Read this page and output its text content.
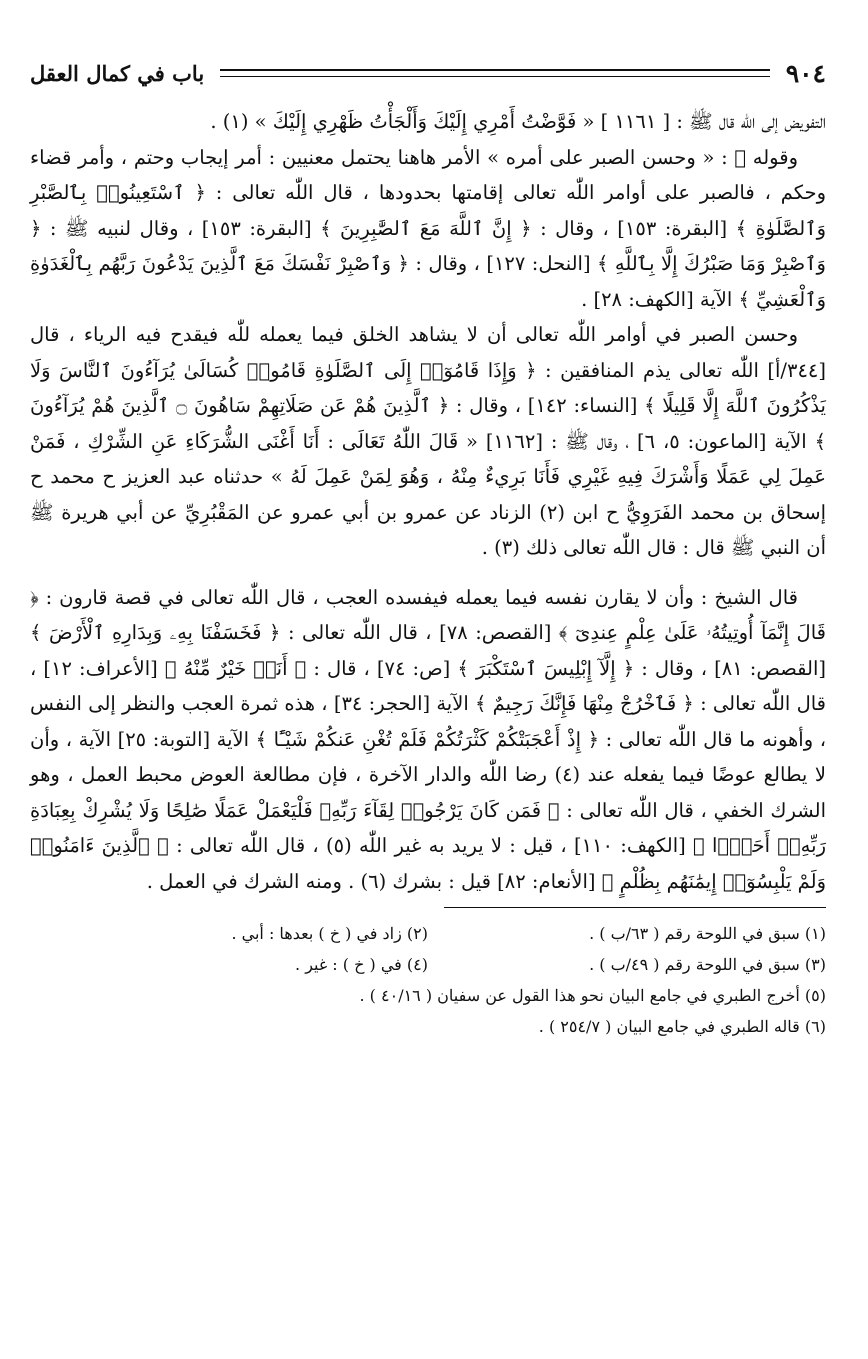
٩٠٤
باب في كمال العقل

التفويض إلى اللّٰه قال ﷺ : [ ١١٦١ ] « فَوَّضْتُ أَمْرِي إِلَيْكَ وَأَلْجَأْتُ ظَهْرِي إِلَيْكَ » (١) .

وقوله ﷺ : « وحسن الصبر على أمره » الأمر هاهنا يحتمل معنيين : أمر إيجاب وحتم ، وأمر قضاء وحكم ، فالصبر على أوامر اللّٰه تعالى إقامتها بحدودها ، قال اللّٰه تعالى : ﴿ ٱسْتَعِينُوا۟ بِٱلصَّبْرِ وَٱلصَّلَوٰةِ ﴾ [البقرة: ١٥٣] ، وقال : ﴿ إِنَّ ٱللَّهَ مَعَ ٱلصَّٰبِرِينَ ﴾ [البقرة: ١٥٣] ، وقال لنبيه ﷺ : ﴿ وَٱصْبِرْ وَمَا صَبْرُكَ إِلَّا بِٱللَّهِ ﴾ [النحل: ١٢٧] ، وقال : ﴿ وَٱصْبِرْ نَفْسَكَ مَعَ ٱلَّذِينَ يَدْعُونَ رَبَّهُم بِٱلْغَدَوٰةِ وَٱلْعَشِيِّ ﴾ الآية [الكهف: ٢٨] .

وحسن الصبر في أوامر اللّٰه تعالى أن لا يشاهد الخلق فيما يعمله للّٰه فيقدح فيه الرياء ، قال [٣٤٤/أ] اللّٰه تعالى يذم المنافقين : ﴿ وَإِذَا قَامُوٓا۟ إِلَى ٱلصَّلَوٰةِ قَامُوا۟ كُسَالَىٰ يُرَآءُونَ ٱلنَّاسَ وَلَا يَذْكُرُونَ ٱللَّهَ إِلَّا قَلِيلًا ﴾ [النساء: ١٤٢] ، وقال : ﴿ ٱلَّذِينَ هُمْ عَن صَلَاتِهِمْ سَاهُونَ ۝ ٱلَّذِينَ هُمْ يُرَآءُونَ ﴾ الآية [الماعون: ٥، ٦] ، وقال ﷺ : [١١٦٢] « قَالَ اللّٰهُ تَعَالَى : أَنَا أَغْنَى الشُّرَكَاءِ عَنِ الشِّرْكِ ، فَمَنْ عَمِلَ لِي عَمَلًا وَأَشْرَكَ فِيهِ غَيْرِي فَأَنَا بَرِيءٌ مِنْهُ ، وَهُوَ لِمَنْ عَمِلَ لَهُ » حدثناه عبد العزيز ح محمد ح إسحاق بن محمد الفَرَوِيُّ ح ابن (٢) الزناد عن عمرو بن أبي عمرو عن المَقْبُرِيِّ عن أبي هريرة ﷺ أن النبي ﷺ قال : قال اللّٰه تعالى ذلك (٣) .

قال الشيخ : وأن لا يقارن نفسه فيما يعمله فيفسده العجب ، قال اللّٰه تعالى في قصة قارون : ﴿ قَالَ إِنَّمَآ أُوتِيتُهُۥ عَلَىٰ عِلْمٍ عِندِىٓ ﴾ [القصص: ٧٨] ، قال اللّٰه تعالى : ﴿ فَخَسَفْنَا بِهِۦ وَبِدَارِهِ ٱلْأَرْضَ ﴾ [القصص: ٨١] ، وقال : ﴿ إِلَّآ إِبْلِيسَ ٱسْتَكْبَرَ ﴾ [ص: ٧٤] ، قال : ﴿ أَنَا۠ خَيْرٌ مِّنْهُ ﴾ [الأعراف: ١٢] ، قال اللّٰه تعالى : ﴿ فَٱخْرُجْ مِنْهَا فَإِنَّكَ رَجِيمٌ ﴾ الآية [الحجر: ٣٤] ، هذه ثمرة العجب والنظر إلى النفس ، وأهونه ما قال اللّٰه تعالى : ﴿ إِذْ أَعْجَبَتْكُمْ كَثْرَتُكُمْ فَلَمْ تُغْنِ عَنكُمْ شَيْـًٔا ﴾ الآية [التوبة: ٢٥] الآية ، وأن لا يطالع عوضًا فيما يفعله عند (٤) رضا اللّٰه والدار الآخرة ، فإن مطالعة العوض محبط العمل ، وهو الشرك الخفي ، قال اللّٰه تعالى : ﴿ فَمَن كَانَ يَرْجُوا۟ لِقَآءَ رَبِّهِۦ فَلْيَعْمَلْ عَمَلًا صَٰلِحًا وَلَا يُشْرِكْ بِعِبَادَةِ رَبِّهِۦٓ أَحَدًۢا ﴾ [الكهف: ١١٠] ، قيل : لا يريد به غير اللّٰه (٥) ، قال اللّٰه تعالى : ﴿ ٱلَّذِينَ ءَامَنُوا۟ وَلَمْ يَلْبِسُوٓا۟ إِيمَٰنَهُم بِظُلْمٍ ﴾ [الأنعام: ٨٢] قيل : بشرك (٦) . ومنه الشرك في العمل .

(١) سبق في اللوحة رقم ( ٦٣/ب ) .
(٢) زاد في ( خ ) بعدها : أبي .
(٣) سبق في اللوحة رقم ( ٤٩/ب ) .
(٤) في ( خ ) : غير .
(٥) أخرج الطبري في جامع البيان نحو هذا القول عن سفيان ( ٤٠/١٦ ) .
(٦) قاله الطبري في جامع البيان ( ٢٥٤/٧ ) .
